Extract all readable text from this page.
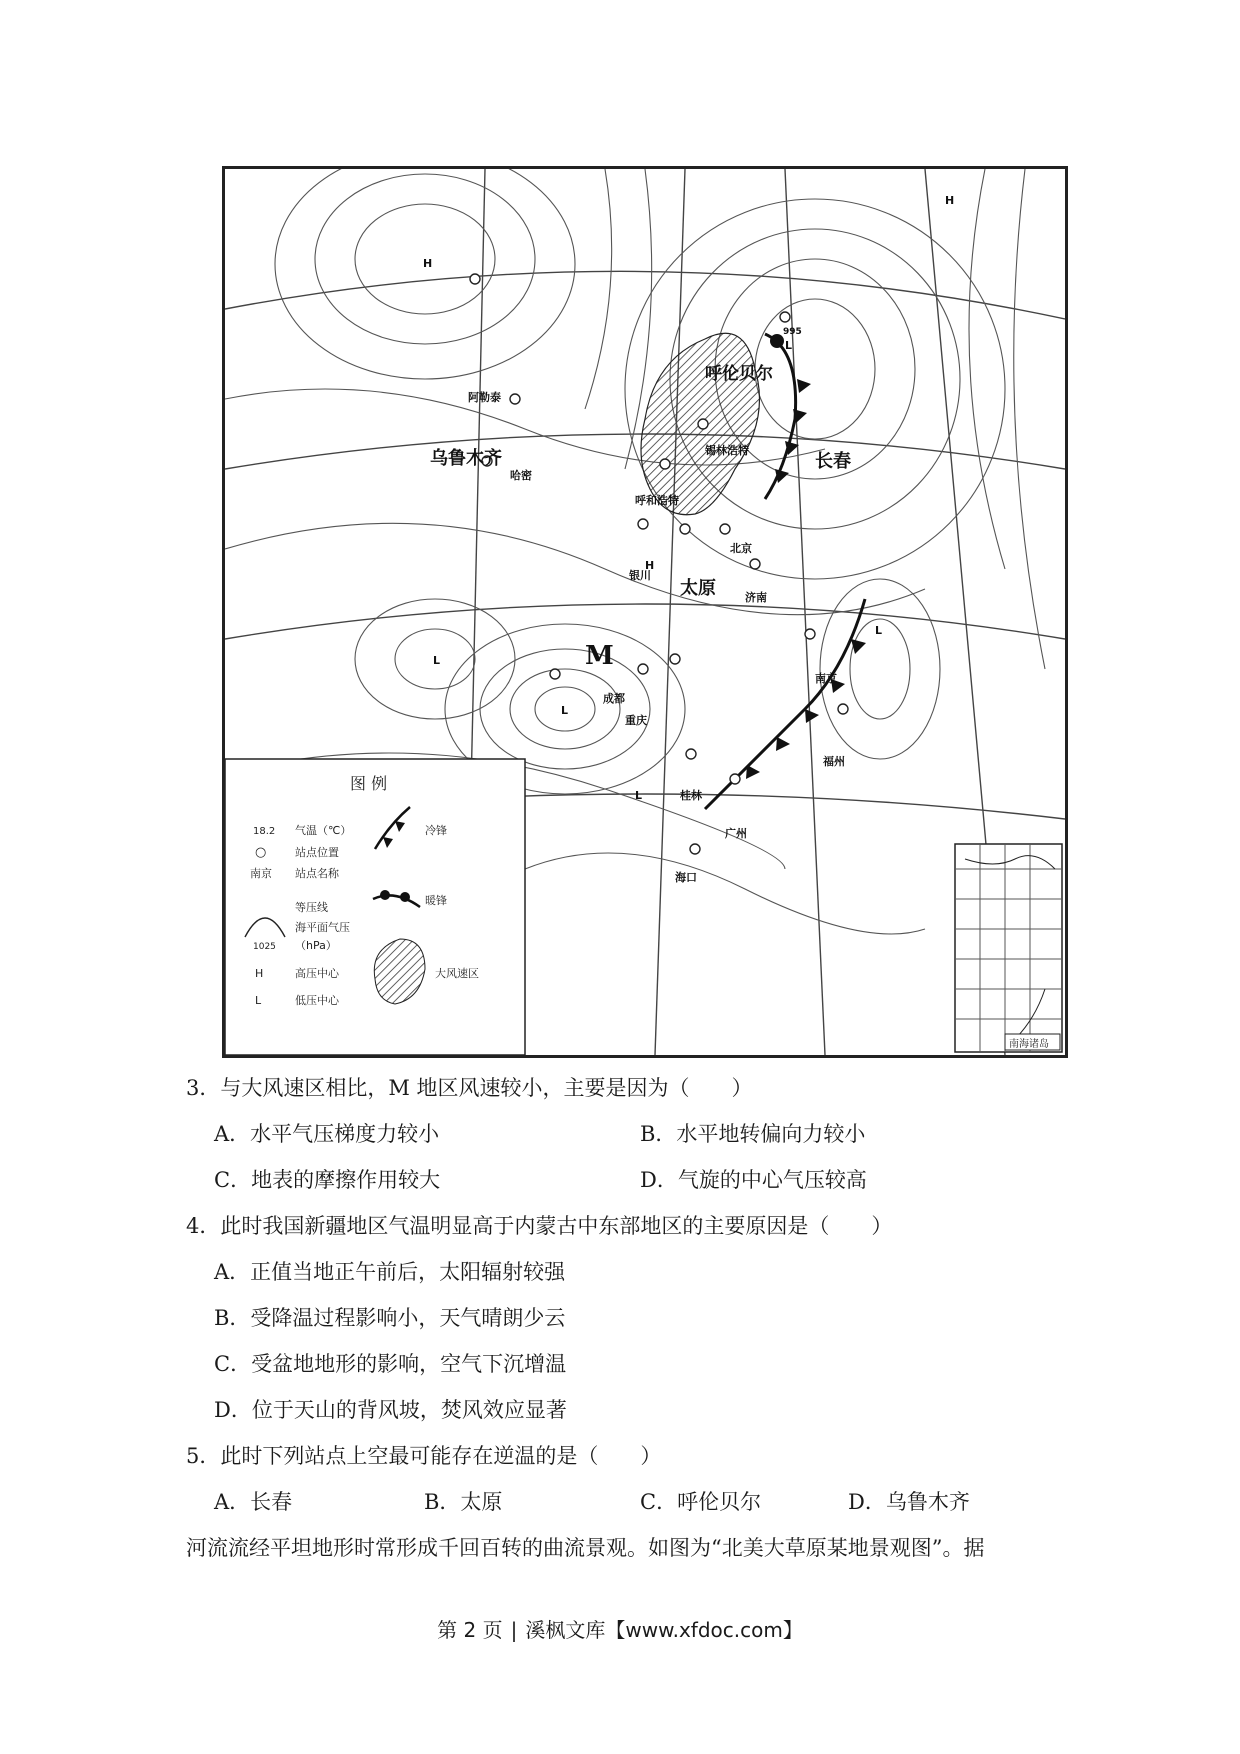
呼伦贝尔
长春
锡林浩特
呼和浩特
北京
太原	济南
银川
乌鲁木齐
阿勒泰
哈密
成都
重庆
南京
福州
桂林
广州
海口
M
995
H
H
H
L
L
L
L
L
南海诸岛
图 例
18.2 气温（℃）
○	站点位置
南京 站点名称
等压线
海平面气压
1025 （hPa）
H	高压中心
L	低压中心
冷锋
暖锋
大风速区
3．与大风速区相比，M 地区风速较小，主要是因为（　　）
A．水平气压梯度力较小	B．水平地转偏向力较小
C．地表的摩擦作用较大	D．气旋的中心气压较高
4．此时我国新疆地区气温明显高于内蒙古中东部地区的主要原因是（　　）
A．正值当地正午前后，太阳辐射较强
B．受降温过程影响小，天气晴朗少云
C．受盆地地形的影响，空气下沉增温
D．位于天山的背风坡，焚风效应显著
5．此时下列站点上空最可能存在逆温的是（　　）
A．长春	B．太原	C．呼伦贝尔	D．乌鲁木齐
河流流经平坦地形时常形成千回百转的曲流景观。如图为“北美大草原某地景观图”。据
第 2 页 | 溪枫文库【www.xfdoc.com】
